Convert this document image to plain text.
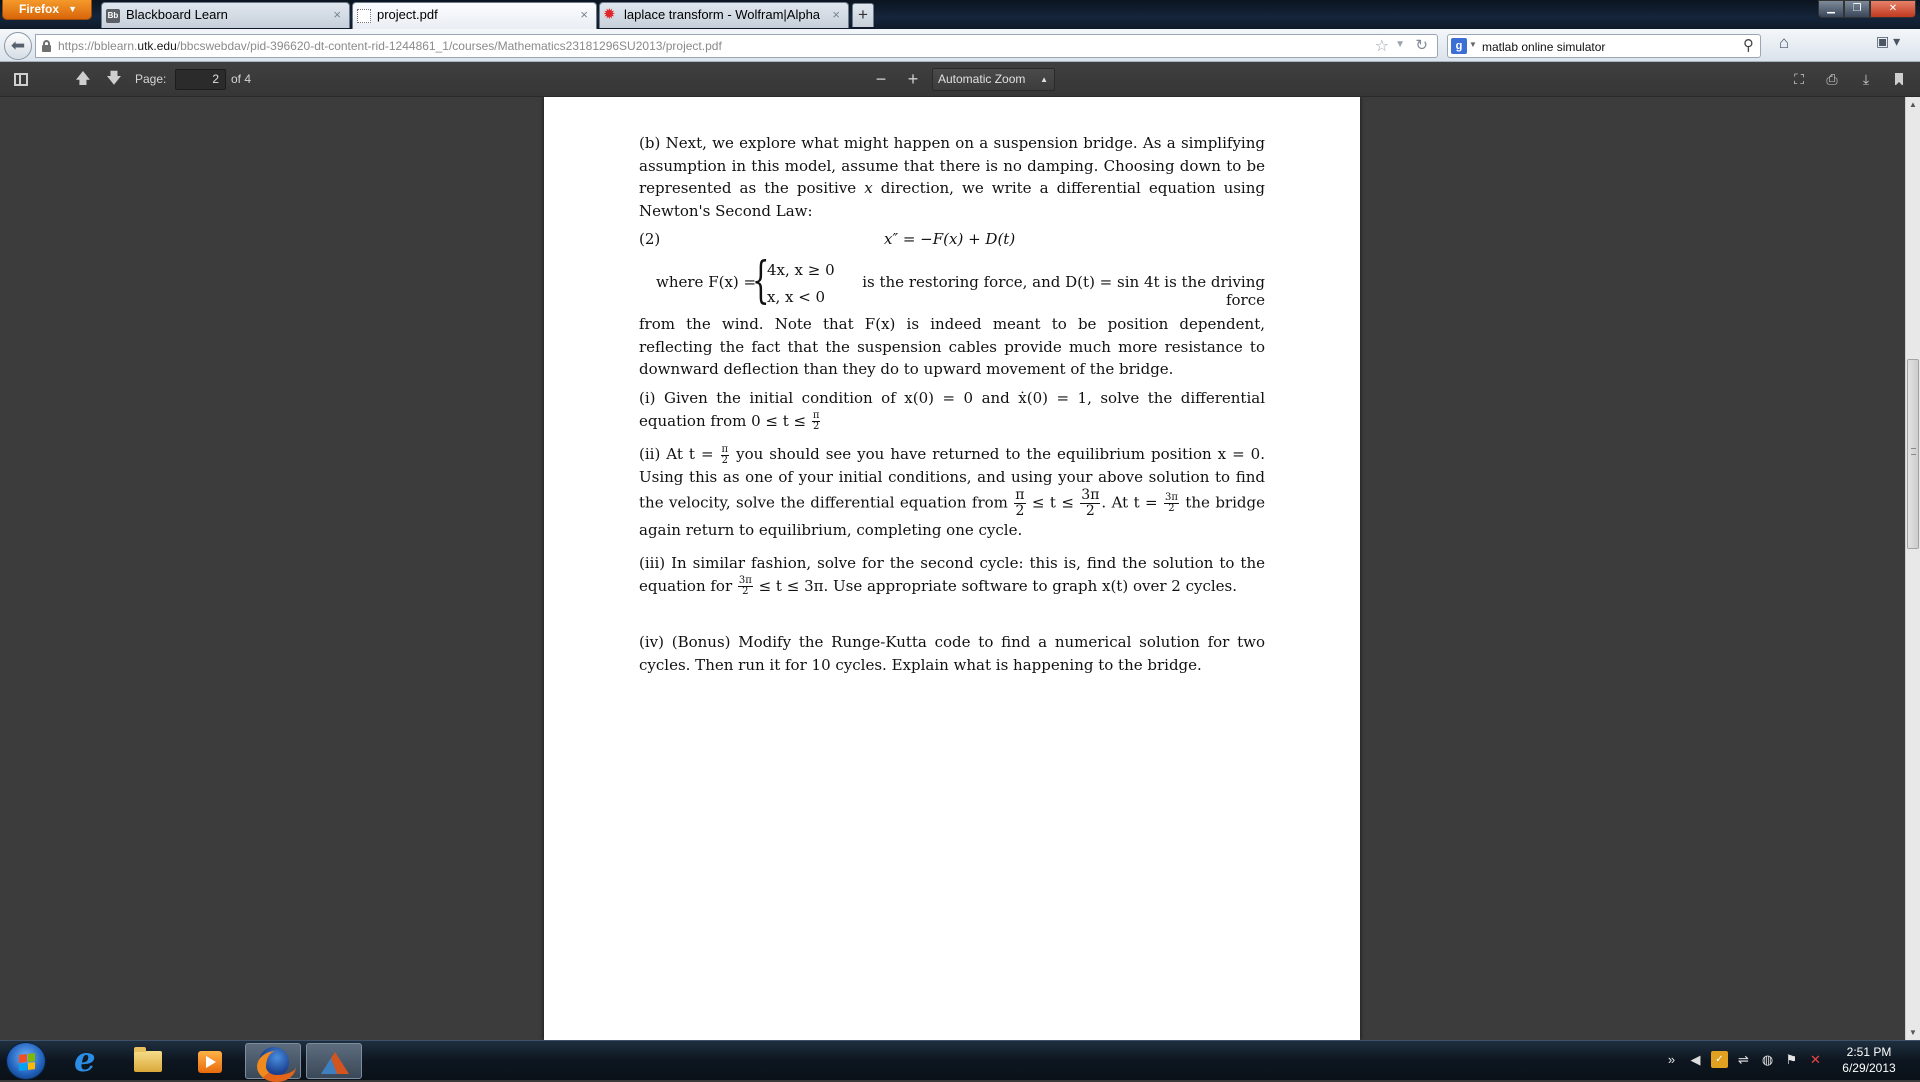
Firefox ▼
Bb Blackboard Learn	×	project.pdf	× ✹ laplace transform - Wolfram|Alpha ×	+	▁	❐	✕
⬅	https://bblearn.utk.edu/bbcswebdav/pid-396620-dt-content-rid-1244861_1/courses/Mathematics23181296SU2013/project.pdf	☆ ▼ ↻	g ▼ matlab online simulator	⚲	⌂	▣ ▾
🡅 🡇 Page:	2	of 4	−	+	Automatic Zoom ▲	⛶	⎙	⤓
(b) Next, we explore what might happen on a suspension bridge. As a simplifying assumption in this model, assume that there is no damping. Choosing down to be represented as the positive x direction, we write a differential equation using Newton's Second Law:
(2)	x″ = −F(x) + D(t)
where F(x) =
{
4x, x ≥ 0
x, x < 0
is the restoring force, and D(t) = sin 4t is the driving force
from the wind. Note that F(x) is indeed meant to be position dependent, reflecting the fact that the suspension cables provide much more resistance to downward deflection than they do to upward movement of the bridge.
(i) Given the initial condition of x(0) = 0 and ẋ(0) = 1, solve the differential equation from $0 \le t \le \frac{\pi}{2}$
(ii) At $t = \frac{\pi}{2}$ you should see you have returned to the equilibrium position x = 0. Using this as one of your initial conditions, and using your above solution to find the velocity, solve the differential equation from $\frac{\pi}{2} \le t \le \frac{3\pi}{2}$ . At $t = \frac{3\pi}{2}$ the bridge again return to equilibrium, completing one cycle.
(iii) In similar fashion, solve for the second cycle: this is, find the solution to the equation for $\frac{3\pi}{2} \le t \le 3\pi$. Use appropriate software to graph x(t) over 2 cycles.
(iv) (Bonus) Modify the Runge-Kutta code to find a numerical solution for two cycles. Then run it for 10 cycles. Explain what is happening to the bridge.
▲
▼
e	»	◀	✓	⇌ ◍ ⚑ ✕	2:51 PM
6/29/2013
